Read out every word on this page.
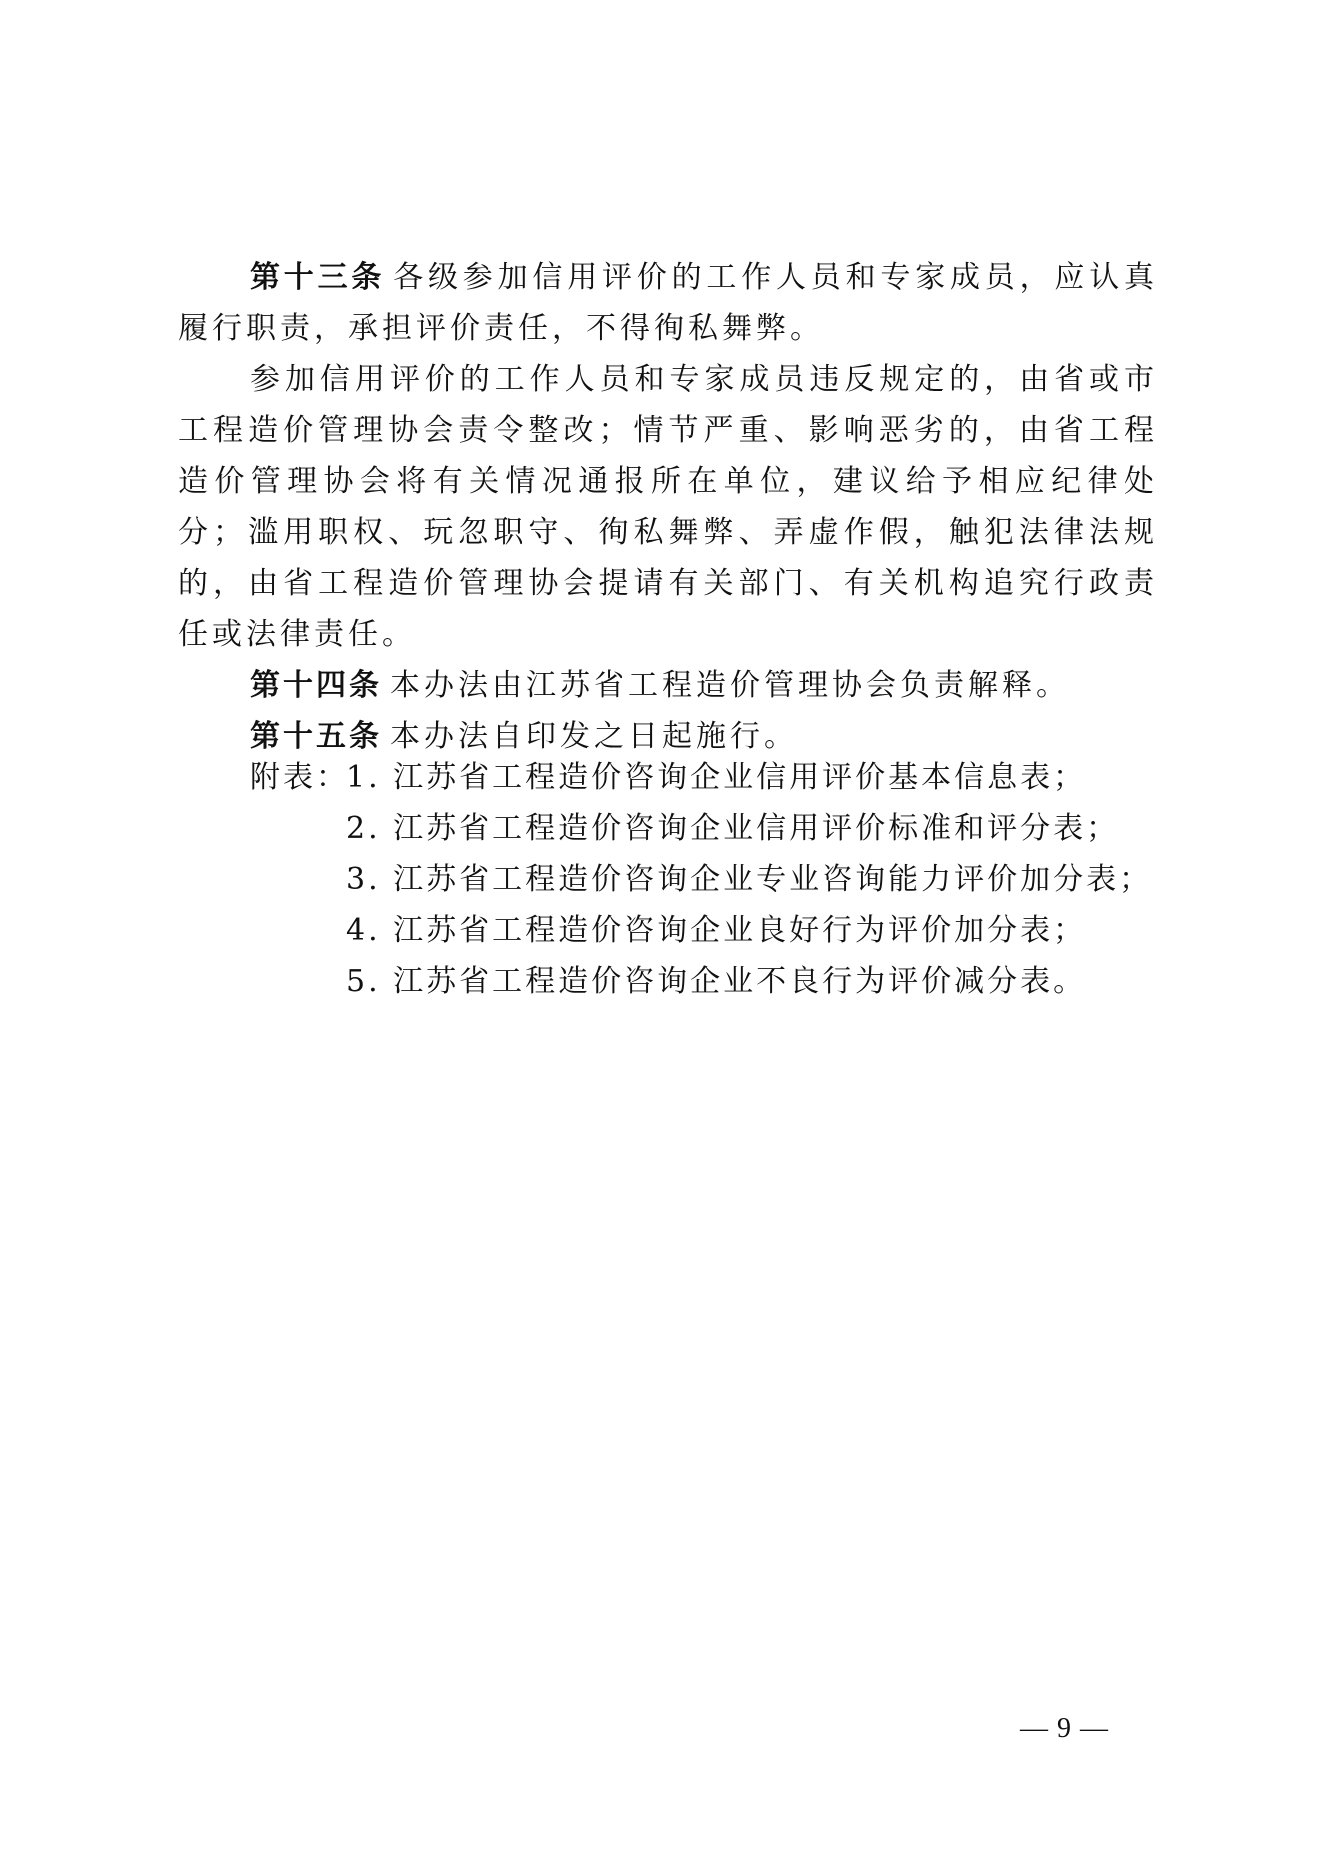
第十三条 各级参加信用评价的工作人员和专家成员，应认真履行职责，承担评价责任，不得徇私舞弊。

参加信用评价的工作人员和专家成员违反规定的，由省或市工程造价管理协会责令整改；情节严重、影响恶劣的，由省工程造价管理协会将有关情况通报所在单位，建议给予相应纪律处分；滥用职权、玩忽职守、徇私舞弊、弄虚作假，触犯法律法规的，由省工程造价管理协会提请有关部门、有关机构追究行政责任或法律责任。

第十四条 本办法由江苏省工程造价管理协会负责解释。

第十五条 本办法自印发之日起施行。

附表：1. 江苏省工程造价咨询企业信用评价基本信息表；
2. 江苏省工程造价咨询企业信用评价标准和评分表；
3. 江苏省工程造价咨询企业专业咨询能力评价加分表；
4. 江苏省工程造价咨询企业良好行为评价加分表；
5. 江苏省工程造价咨询企业不良行为评价减分表。
— 9 —
